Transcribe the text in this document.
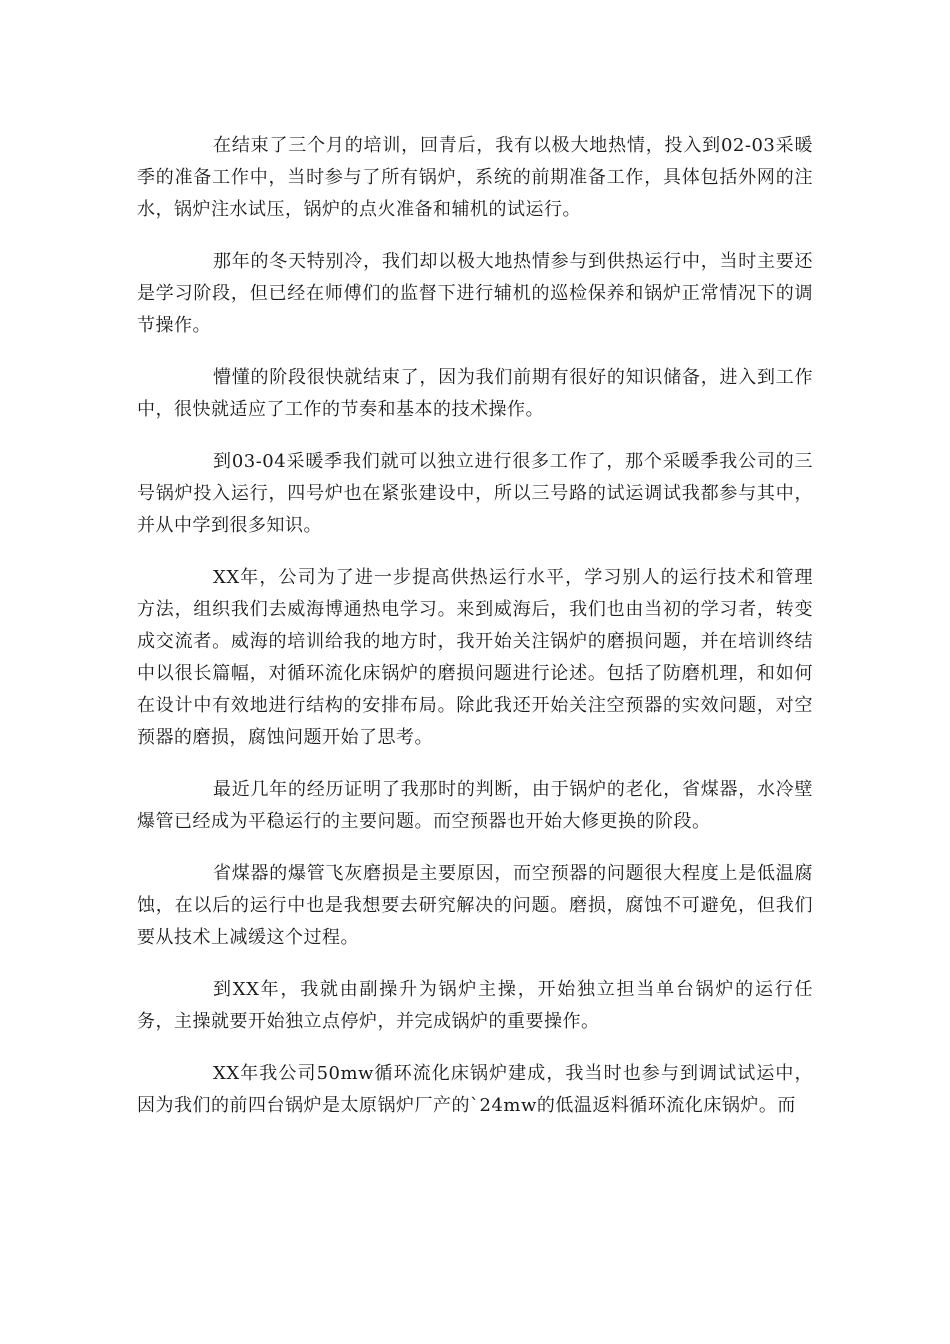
在结束了三个月的培训，回青后，我有以极大地热情，投入到02-03采暖季的准备工作中，当时参与了所有锅炉，系统的前期准备工作，具体包括外网的注水，锅炉注水试压，锅炉的点火准备和辅机的试运行。

那年的冬天特别冷，我们却以极大地热情参与到供热运行中，当时主要还是学习阶段，但已经在师傅们的监督下进行辅机的巡检保养和锅炉正常情况下的调节操作。

懵懂的阶段很快就结束了，因为我们前期有很好的知识储备，进入到工作中，很快就适应了工作的节奏和基本的技术操作。

到03-04采暖季我们就可以独立进行很多工作了，那个采暖季我公司的三号锅炉投入运行，四号炉也在紧张建设中，所以三号路的试运调试我都参与其中，并从中学到很多知识。

XX年，公司为了进一步提高供热运行水平，学习别人的运行技术和管理方法，组织我们去威海博通热电学习。来到威海后，我们也由当初的学习者，转变成交流者。威海的培训给我的地方时，我开始关注锅炉的磨损问题，并在培训终结中以很长篇幅，对循环流化床锅炉的磨损问题进行论述。包括了防磨机理，和如何在设计中有效地进行结构的安排布局。除此我还开始关注空预器的实效问题，对空预器的磨损，腐蚀问题开始了思考。

最近几年的经历证明了我那时的判断，由于锅炉的老化，省煤器，水冷壁爆管已经成为平稳运行的主要问题。而空预器也开始大修更换的阶段。

省煤器的爆管飞灰磨损是主要原因，而空预器的问题很大程度上是低温腐蚀，在以后的运行中也是我想要去研究解决的问题。磨损，腐蚀不可避免，但我们要从技术上减缓这个过程。

到XX年，我就由副操升为锅炉主操，开始独立担当单台锅炉的运行任务，主操就要开始独立点停炉，并完成锅炉的重要操作。

XX年我公司50mw循环流化床锅炉建成，我当时也参与到调试试运中，因为我们的前四台锅炉是太原锅炉厂产的`24mw的低温返料循环流化床锅炉。而
